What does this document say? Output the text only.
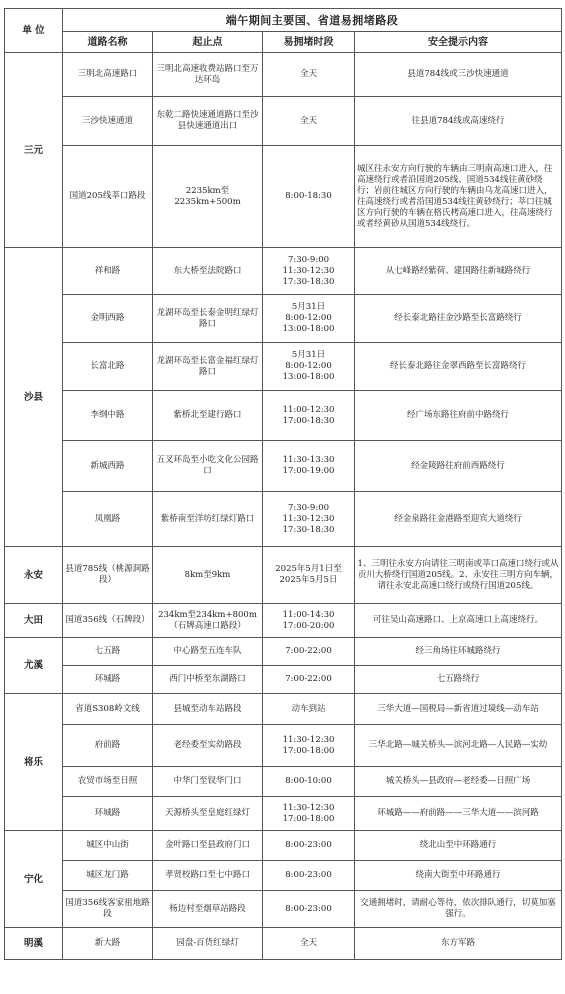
单 位	端午期间主要国、省道易拥堵路段			
	道路名称	起止点	易拥堵时段	安全提示内容
三元	三明北高速路口	三明北高速收费站路口至万达环岛	全天	县道784线或三沙快速通道
	三沙快速通道	东乾二路快速通道路口至沙县快速通道出口	全天	往县道784线或高速绕行
	国道205线莘口路段	2235km至2235km+500m	8:00-18:30	城区往永安方向行驶的车辆由三明南高速口进入，往高速绕行或者沿国道205线、国道534线往黄砂绕行；岩前往城区方向行驶的车辆由乌龙高速口进入，往高速绕行或者沿国道534线往黄砂绕行；莘口往城区方向行驶的车辆在格氏栲高速口进入，往高速绕行或者经黄砂从国道534线绕行。
沙县	祥和路	东大桥至法院路口	7:30-9:00
11:30-12:30
17:30-18:30	从七峰路经紫荷、建国路往新城路绕行
	金明西路	龙湖环岛至长泰金明红绿灯路口	5月31日
8:00-12:00
13:00-18:00	经长泰北路往金沙路至长富路绕行
	长富北路	龙湖环岛至长富金福红绿灯路口	5月31日
8:00-12:00
13:00-18:00	经长泰北路往金翠西路至长富路绕行
	李纲中路	紫桥北至建行路口	11:00-12:30
17:00-18:30	经广场东路往府前中路绕行
	新城西路	五叉环岛至小吃文化公园路口	11:30-13:30
17:00-19:00	经金陵路往府前西路绕行
	凤凰路	紫桥南至洋坊红绿灯路口	7:30-9:00
11:30-12:30
17:30-18:30	经金泉路往金港路至迎宾大道绕行
永安	县道785线（桃源洞路段）	8km至9km	2025年5月1日至2025年5月5日	1、三明往永安方向请往三明南或莘口高速口绕行或从贡川大桥绕行国道205线。2、永安往三明方向车辆，请往永安北高速口绕行或绕行国道205线。
大田	国道356线（石牌段）	234km至234km+800m
（石牌高速口路段）	11:00-14:30
17:00-20:00	可往吴山高速路口、上京高速口上高速绕行。
尤溪	七五路	中心路至五连车队	7:00-22:00	经三角场往环城路绕行
	环城路	西门中桥至东湖路口	7:00-22:00	七五路绕行
将乐	省道S308岭文线	县城至动车站路段	动车到站	三华大道—国税局—新省道过境线—动车站
	府前路	老经委至实幼路段	11:30-12:30
17:00-18:00	三华北路—城关桥头—滨河北路—人民路—实幼
	农贸市场至日照	中华门至钗华门口	8:00-10:00	城关桥头—县政府—老经委—日照广场
	环城路	天源桥头至皇庭红绿灯	11:30-12:30
17:00-18:00	环城路——府前路——三华大道——滨河路
宁化	城区中山街	金叶路口至县政府门口	8:00-23:00	绕北山至中环路通行
	城区龙门路	孝贤校路口至七中路口	8:00-23:00	绕南大街至中环路通行
	国道356线客家祖地路段	杨边村至烟草站路段	8:00-23:00	交通拥堵时，请耐心等待，依次排队通行，切莫加塞强行。
明溪	新大路	园盘-百货红绿灯	全天	东方军路
